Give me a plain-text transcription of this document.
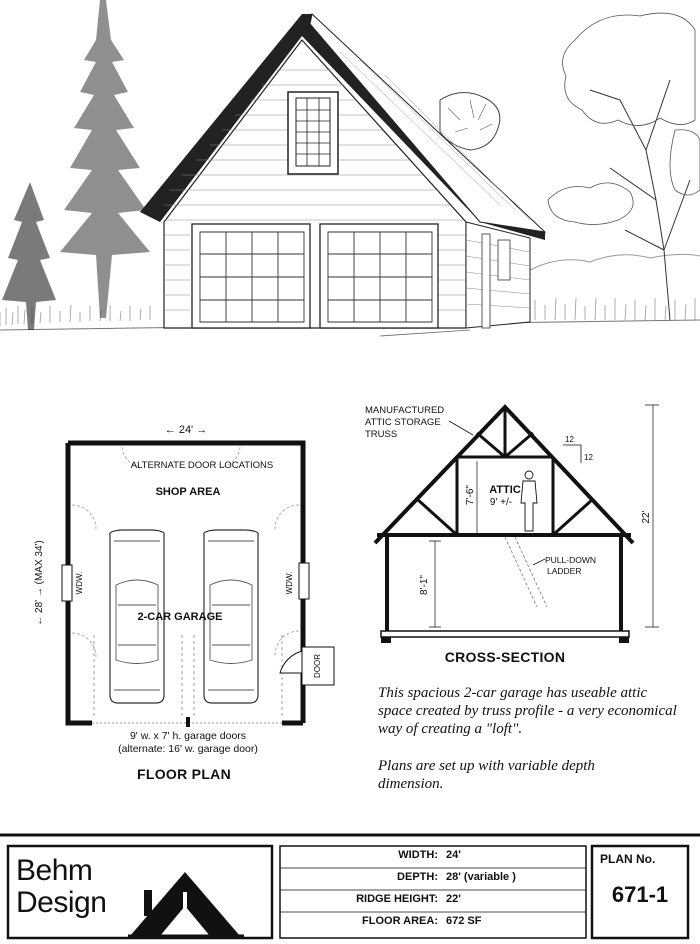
← 24' →
ALTERNATE DOOR LOCATIONS
SHOP AREA
WDW.	WDW.
← 28' → (MAX 34')	2-CAR GARAGE
DOOR
9' w. x 7' h. garage doors
(alternate: 16' w. garage door)
FLOOR PLAN
MANUFACTURED
ATTIC STORAGE
TRUSS	12
12
7'-6" ATTIC
9' +/-
PULL-DOWN
LADDER
8'-1"
22'
CROSS-SECTION
This spacious 2-car garage has useable attic space created by truss profile - a very economical way of creating a "loft".
Plans are set up with variable depth dimension.
Behm
Design
WIDTH: 24'
DEPTH: 28' (variable )
RIDGE HEIGHT: 22'
FLOOR AREA: 672 SF
PLAN No.
671-1
